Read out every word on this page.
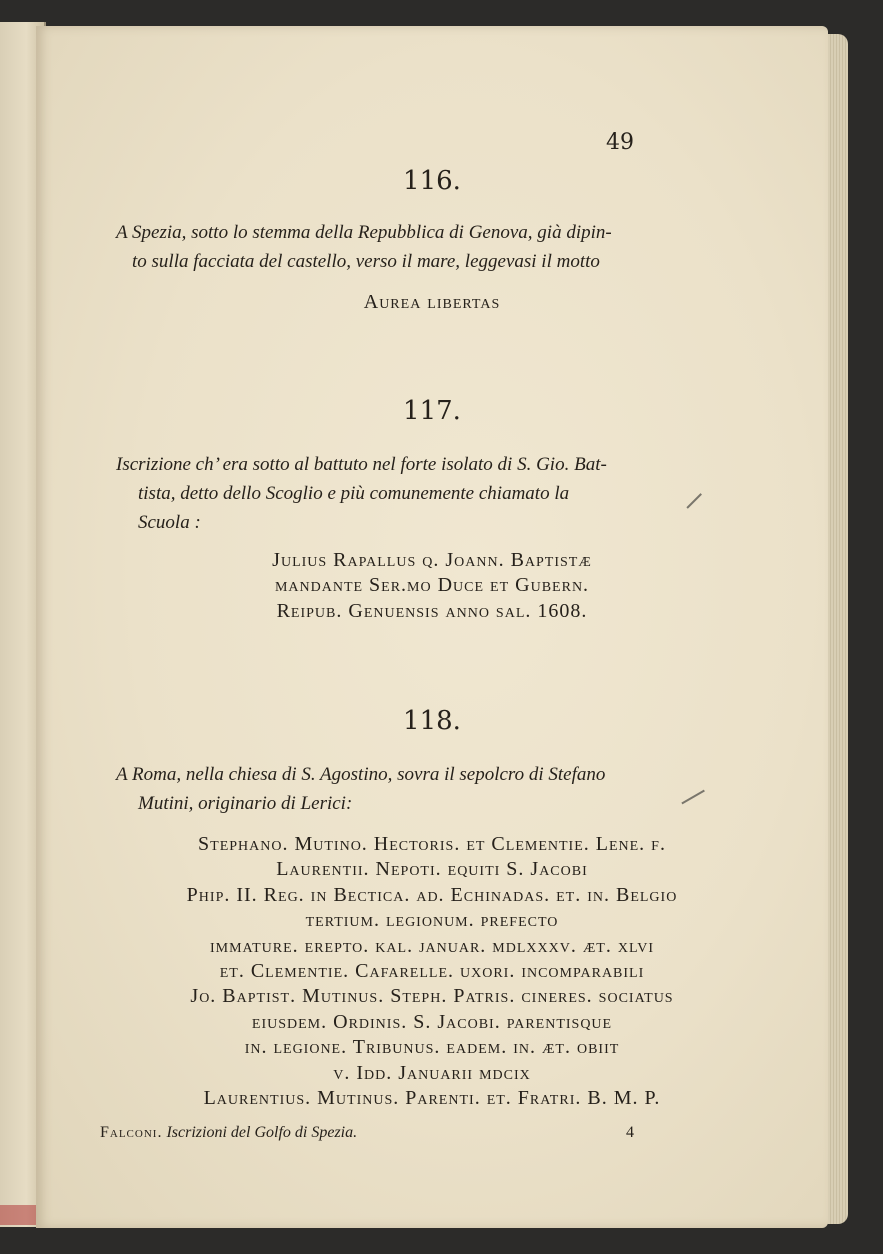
49
116.
A Spezia, sotto lo stemma della Repubblica di Genova, già dipin-
to sulla facciata del castello, verso il mare, leggevasi il motto
Aurea libertas
117.
Iscrizione ch’ era sotto al battuto nel forte isolato di S. Gio. Bat-
tista, detto dello Scoglio e più comunemente chiamato la
Scuola :
Julius Rapallus q. Joann. Baptistæ
mandante Ser.mo Duce et Gubern.
Reipub. Genuensis anno sal. 1608.
118.
A Roma, nella chiesa di S. Agostino, sovra il sepolcro di Stefano
Mutini, originario di Lerici:
Stephano. Mutino. Hectoris. et Clementie. Lene. f.
Laurentii. Nepoti. equiti S. Jacobi
Phip. II. Reg. in Bectica. ad. Echinadas. et. in. Belgio
tertium. legionum. prefecto
immature. erepto. kal. januar. mdlxxxv. æt. xlvi
et. Clementie. Cafarelle. uxori. incomparabili
Jo. Baptist. Mutinus. Steph. Patris. cineres. sociatus
eiusdem. Ordinis. S. Jacobi. parentisque
in. legione. Tribunus. eadem. in. æt. obiit
v. Idd. Januarii mdcix
Laurentius. Mutinus. Parenti. et. Fratri. B. M. P.
Falconi. Iscrizioni del Golfo di Spezia.	4
